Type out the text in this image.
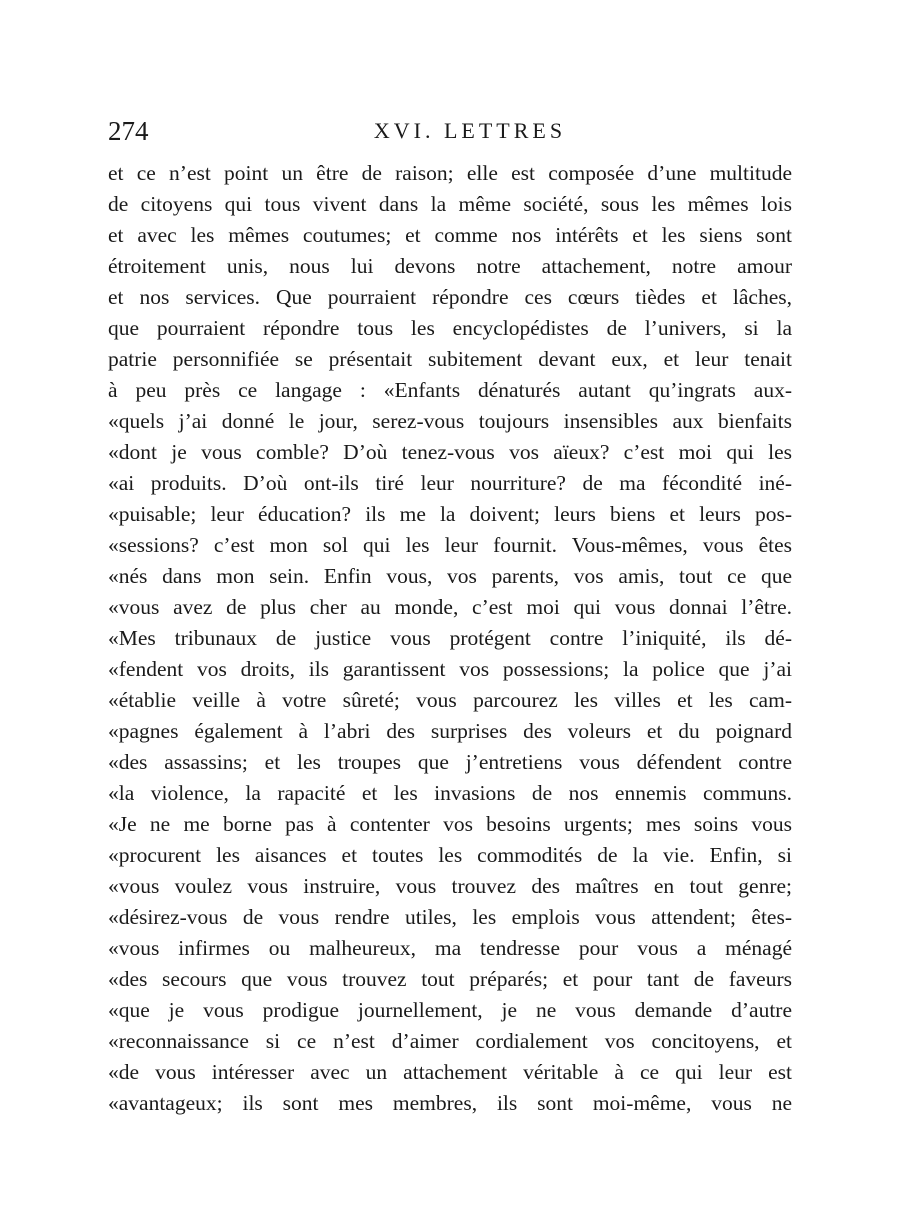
274	XVI. LETTRES
et ce n’est point un être de raison; elle est composée d’une multitude
de citoyens qui tous vivent dans la même société, sous les mêmes lois
et avec les mêmes coutumes; et comme nos intérêts et les siens sont
étroitement unis, nous lui devons notre attachement, notre amour
et nos services. Que pourraient répondre ces cœurs tièdes et lâches,
que pourraient répondre tous les encyclopédistes de l’univers, si la
patrie personnifiée se présentait subitement devant eux, et leur tenait
à peu près ce langage : «Enfants dénaturés autant qu’ingrats aux-
«quels j’ai donné le jour, serez-vous toujours insensibles aux bienfaits
«dont je vous comble? D’où tenez-vous vos aïeux? c’est moi qui les
«ai produits. D’où ont-ils tiré leur nourriture? de ma fécondité iné-
«puisable; leur éducation? ils me la doivent; leurs biens et leurs pos-
«sessions? c’est mon sol qui les leur fournit. Vous-mêmes, vous êtes
«nés dans mon sein. Enfin vous, vos parents, vos amis, tout ce que
«vous avez de plus cher au monde, c’est moi qui vous donnai l’être.
«Mes tribunaux de justice vous protégent contre l’iniquité, ils dé-
«fendent vos droits, ils garantissent vos possessions; la police que j’ai
«établie veille à votre sûreté; vous parcourez les villes et les cam-
«pagnes également à l’abri des surprises des voleurs et du poignard
«des assassins; et les troupes que j’entretiens vous défendent contre
«la violence, la rapacité et les invasions de nos ennemis communs.
«Je ne me borne pas à contenter vos besoins urgents; mes soins vous
«procurent les aisances et toutes les commodités de la vie. Enfin, si
«vous voulez vous instruire, vous trouvez des maîtres en tout genre;
«désirez-vous de vous rendre utiles, les emplois vous attendent; êtes-
«vous infirmes ou malheureux, ma tendresse pour vous a ménagé
«des secours que vous trouvez tout préparés; et pour tant de faveurs
«que je vous prodigue journellement, je ne vous demande d’autre
«reconnaissance si ce n’est d’aimer cordialement vos concitoyens, et
«de vous intéresser avec un attachement véritable à ce qui leur est
«avantageux; ils sont mes membres, ils sont moi-même, vous ne
